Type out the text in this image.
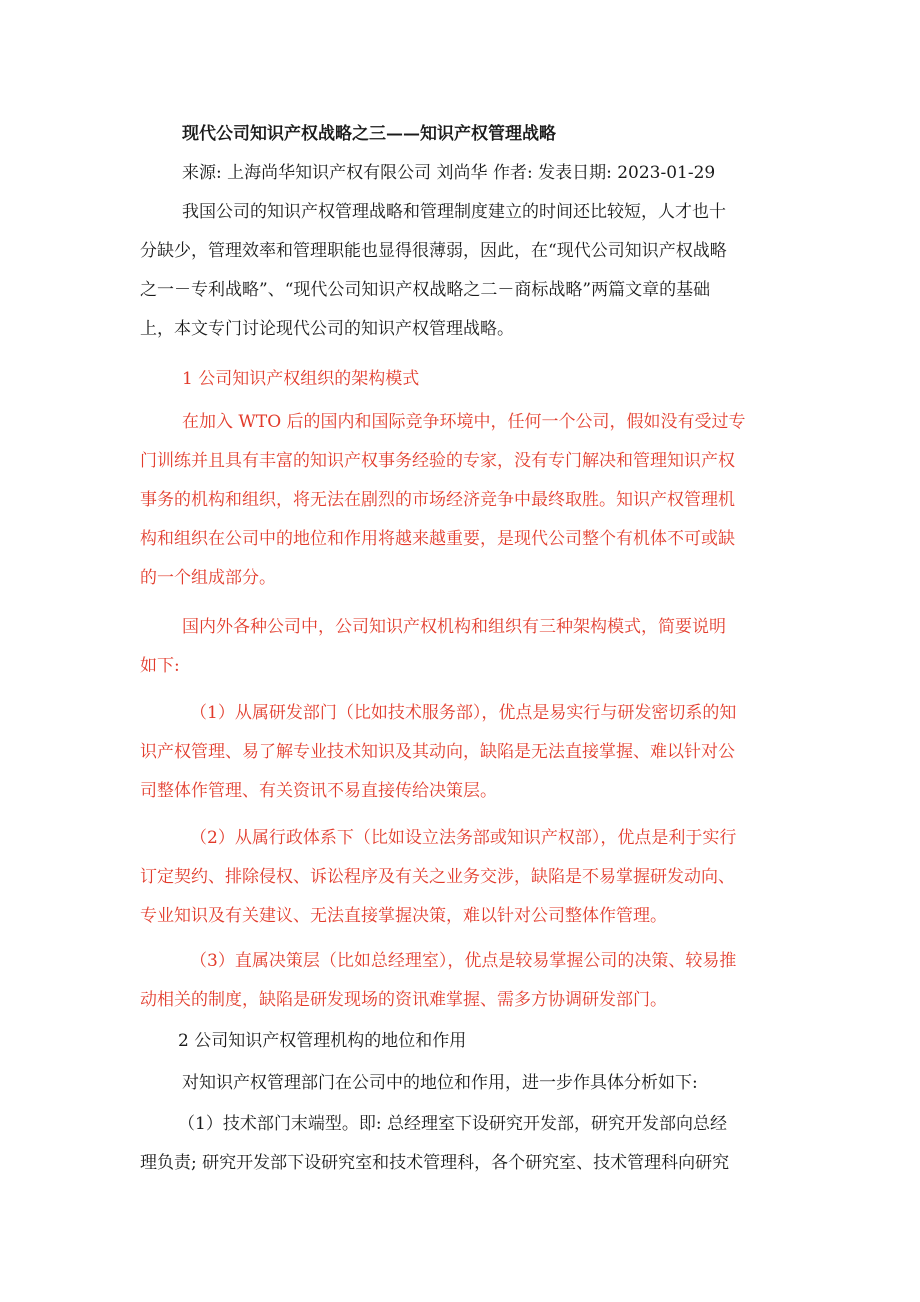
现代公司知识产权战略之三——知识产权管理战略
来源: 上海尚华知识产权有限公司 刘尚华 作者: 发表日期: 2023-01-29
我国公司的知识产权管理战略和管理制度建立的时间还比较短，人才也十
分缺少，管理效率和管理职能也显得很薄弱，因此，在“现代公司知识产权战略
之一－专利战略”、“现代公司知识产权战略之二－商标战略”两篇文章的基础
上，本文专门讨论现代公司的知识产权管理战略。
1 公司知识产权组织的架构模式
在加入 WTO 后的国内和国际竞争环境中，任何一个公司，假如没有受过专
门训练并且具有丰富的知识产权事务经验的专家，没有专门解决和管理知识产权
事务的机构和组织，将无法在剧烈的市场经济竞争中最终取胜。知识产权管理机
构和组织在公司中的地位和作用将越来越重要，是现代公司整个有机体不可或缺
的一个组成部分。
国内外各种公司中，公司知识产权机构和组织有三种架构模式，简要说明
如下:
（1）从属研发部门（比如技术服务部），优点是易实行与研发密切系的知
识产权管理、易了解专业技术知识及其动向，缺陷是无法直接掌握、难以针对公
司整体作管理、有关资讯不易直接传给决策层。
（2）从属行政体系下（比如设立法务部或知识产权部），优点是利于实行
订定契约、排除侵权、诉讼程序及有关之业务交涉，缺陷是不易掌握研发动向、
专业知识及有关建议、无法直接掌握决策，难以针对公司整体作管理。
（3）直属决策层（比如总经理室），优点是较易掌握公司的决策、较易推
动相关的制度，缺陷是研发现场的资讯难掌握、需多方协调研发部门。
2 公司知识产权管理机构的地位和作用
对知识产权管理部门在公司中的地位和作用，进一步作具体分析如下:
（1）技术部门末端型。即: 总经理室下设研究开发部，研究开发部向总经
理负责; 研究开发部下设研究室和技术管理科，各个研究室、技术管理科向研究
